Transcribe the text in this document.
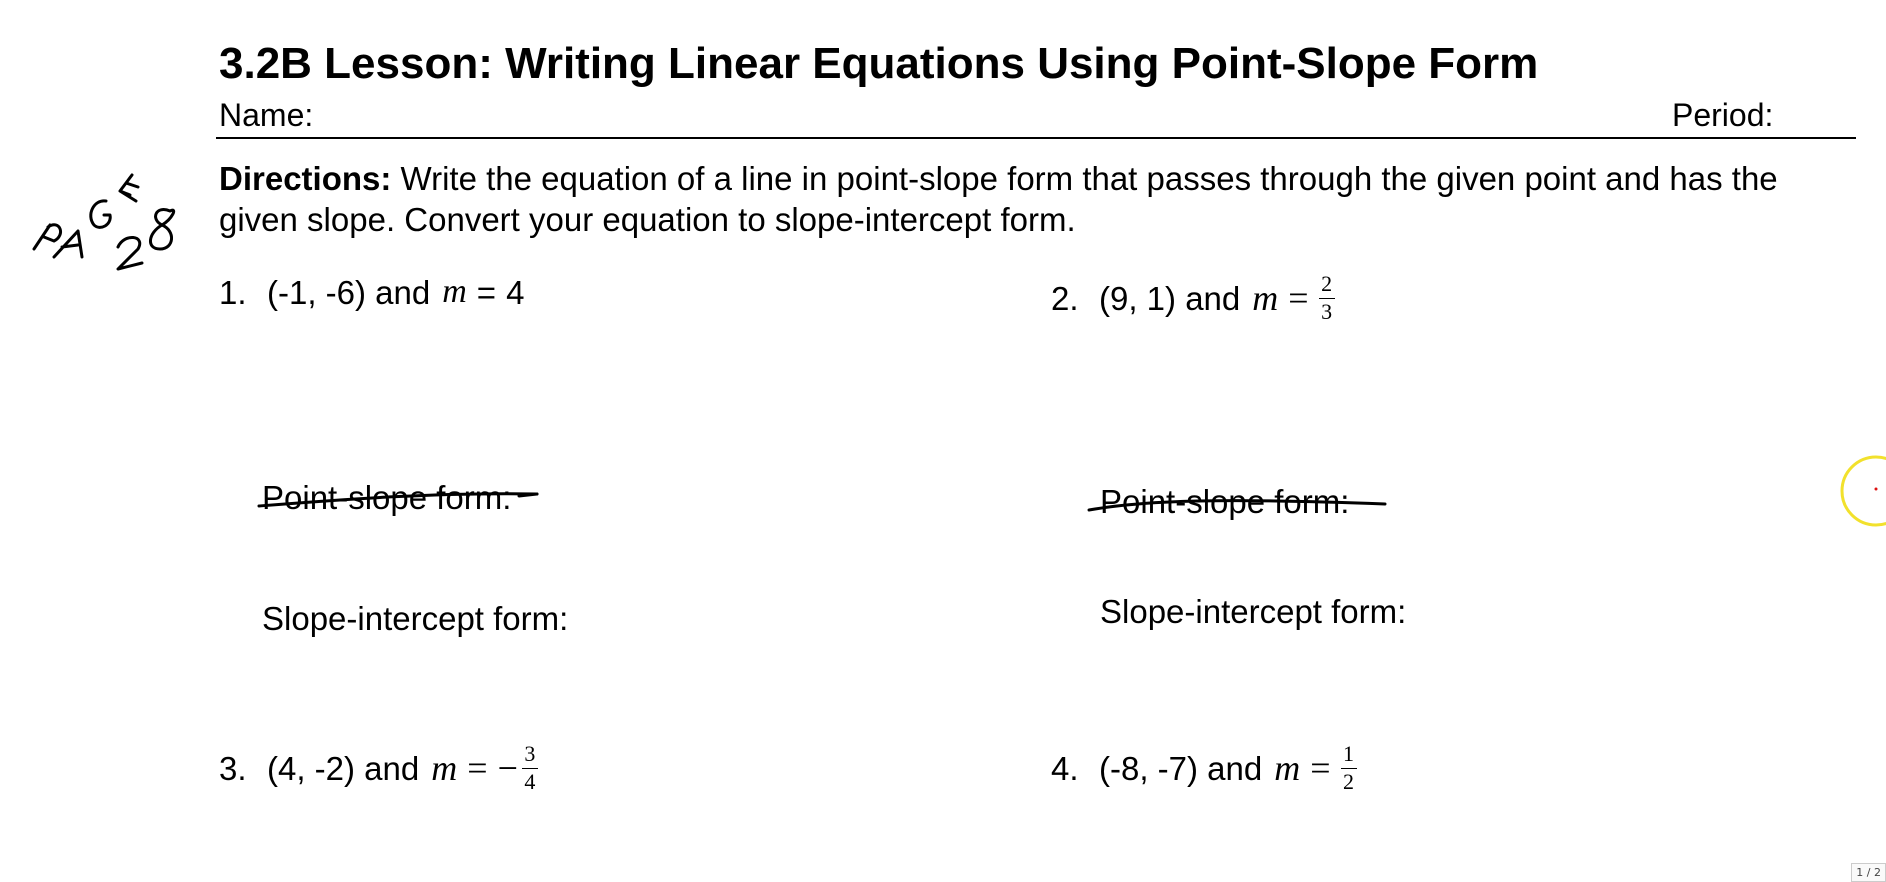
3.2B Lesson: Writing Linear Equations Using Point-Slope Form
Name:	Period:
Directions: Write the equation of a line in point-slope form that passes through the given point and has the given slope. Convert your equation to slope-intercept form.
1. (-1, -6) and m = 4	2. (9, 1) and $m = \frac{2}{3}$
Point-slope form:
Slope-intercept form:
Point-slope form:
Slope-intercept form:
3. (4, -2) and m = − $\frac{3}{4}$	4. (-8, -7) and $m = \frac{1}{2}$
1 / 2
